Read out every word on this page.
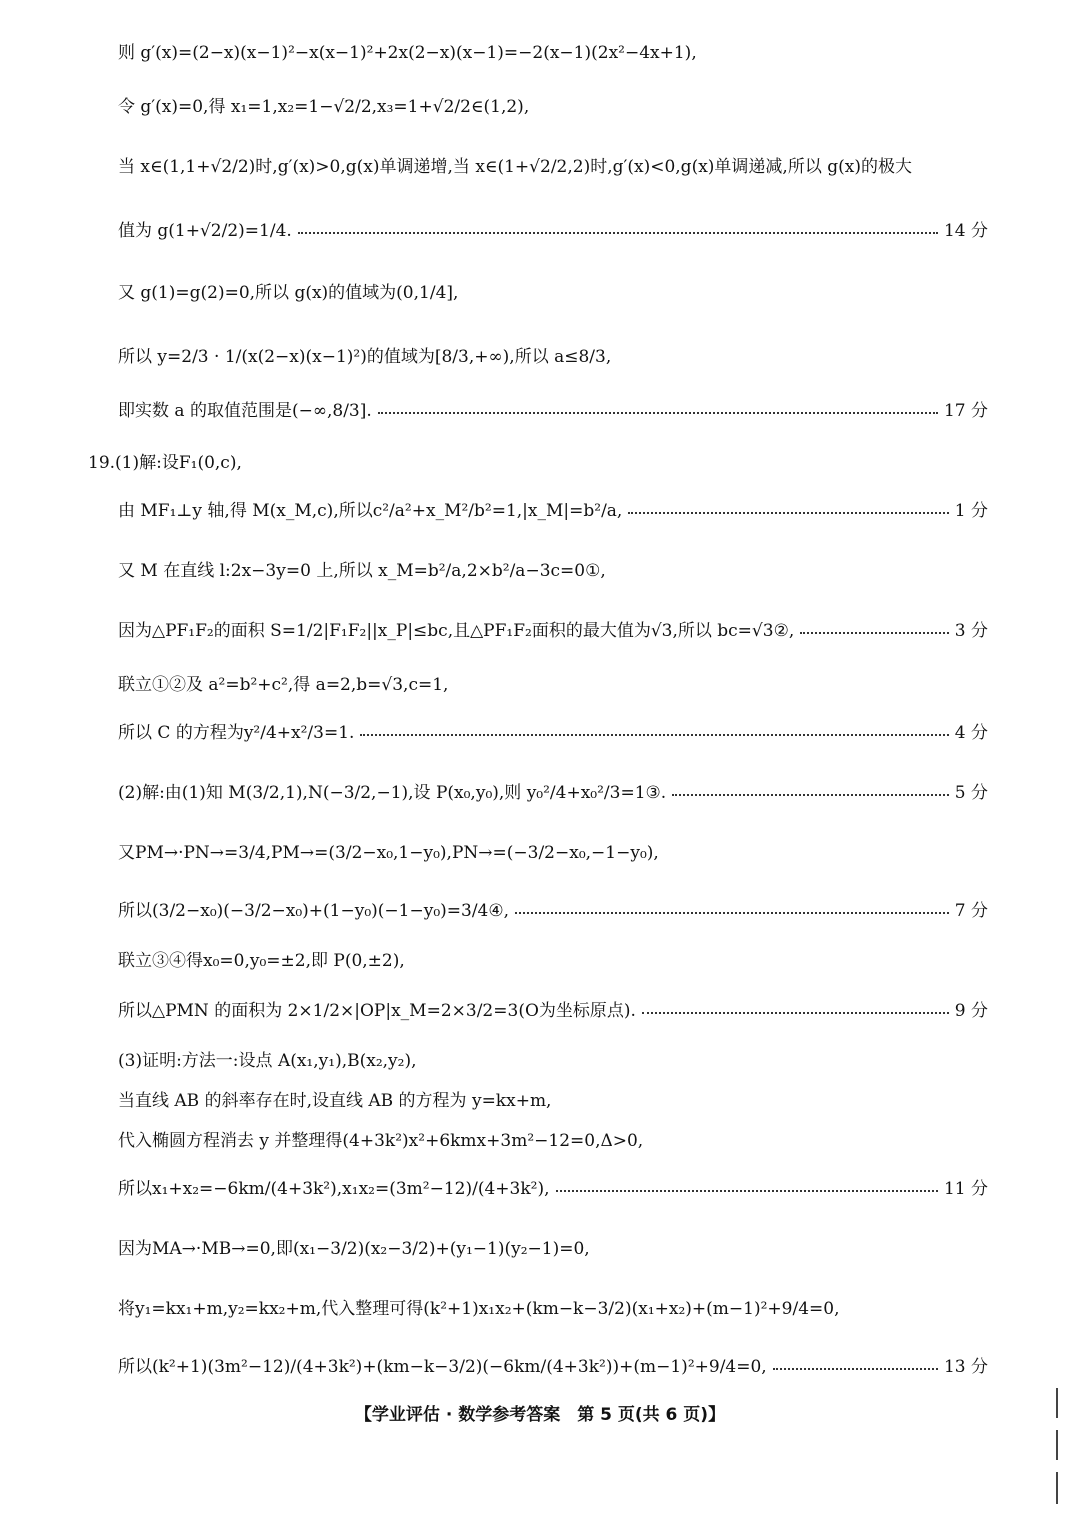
则 g′(x)=(2−x)(x−1)²−x(x−1)²+2x(2−x)(x−1)=−2(x−1)(2x²−4x+1),
令 g′(x)=0,得 x₁=1,x₂=1−√2/2,x₃=1+√2/2∈(1,2),
当 x∈(1,1+√2/2)时,g′(x)>0,g(x)单调递增,当 x∈(1+√2/2,2)时,g′(x)<0,g(x)单调递减,所以 g(x)的极大
值为 g(1+√2/2)=1/4.	14 分
又 g(1)=g(2)=0,所以 g(x)的值域为(0,1/4],
所以 y=2/3 · 1/(x(2−x)(x−1)²)的值域为[8/3,+∞),所以 a≤8/3,
即实数 a 的取值范围是(−∞,8/3].	17 分
19.(1)解:设F₁(0,c),
由 MF₁⊥y 轴,得 M(x_M,c),所以c²/a²+x_M²/b²=1,|x_M|=b²/a,	1 分
又 M 在直线 l:2x−3y=0 上,所以 x_M=b²/a,2×b²/a−3c=0①,
因为△PF₁F₂的面积 S=1/2|F₁F₂||x_P|≤bc,且△PF₁F₂面积的最大值为√3,所以 bc=√3②,	3 分
联立①②及 a²=b²+c²,得 a=2,b=√3,c=1,
所以 C 的方程为y²/4+x²/3=1.	4 分
(2)解:由(1)知 M(3/2,1),N(−3/2,−1),设 P(x₀,y₀),则 y₀²/4+x₀²/3=1③.	5 分
又PM→·PN→=3/4,PM→=(3/2−x₀,1−y₀),PN→=(−3/2−x₀,−1−y₀),
所以(3/2−x₀)(−3/2−x₀)+(1−y₀)(−1−y₀)=3/4④,	7 分
联立③④得x₀=0,y₀=±2,即 P(0,±2),
所以△PMN 的面积为 2×1/2×|OP|x_M=2×3/2=3(O为坐标原点).	9 分
(3)证明:方法一:设点 A(x₁,y₁),B(x₂,y₂),
当直线 AB 的斜率存在时,设直线 AB 的方程为 y=kx+m,
代入椭圆方程消去 y 并整理得(4+3k²)x²+6kmx+3m²−12=0,Δ>0,
所以x₁+x₂=−6km/(4+3k²),x₁x₂=(3m²−12)/(4+3k²),	11 分
因为MA→·MB→=0,即(x₁−3/2)(x₂−3/2)+(y₁−1)(y₂−1)=0,
将y₁=kx₁+m,y₂=kx₂+m,代入整理可得(k²+1)x₁x₂+(km−k−3/2)(x₁+x₂)+(m−1)²+9/4=0,
所以(k²+1)(3m²−12)/(4+3k²)+(km−k−3/2)(−6km/(4+3k²))+(m−1)²+9/4=0,	13 分
【学业评估 · 数学参考答案　第 5 页(共 6 页)】
